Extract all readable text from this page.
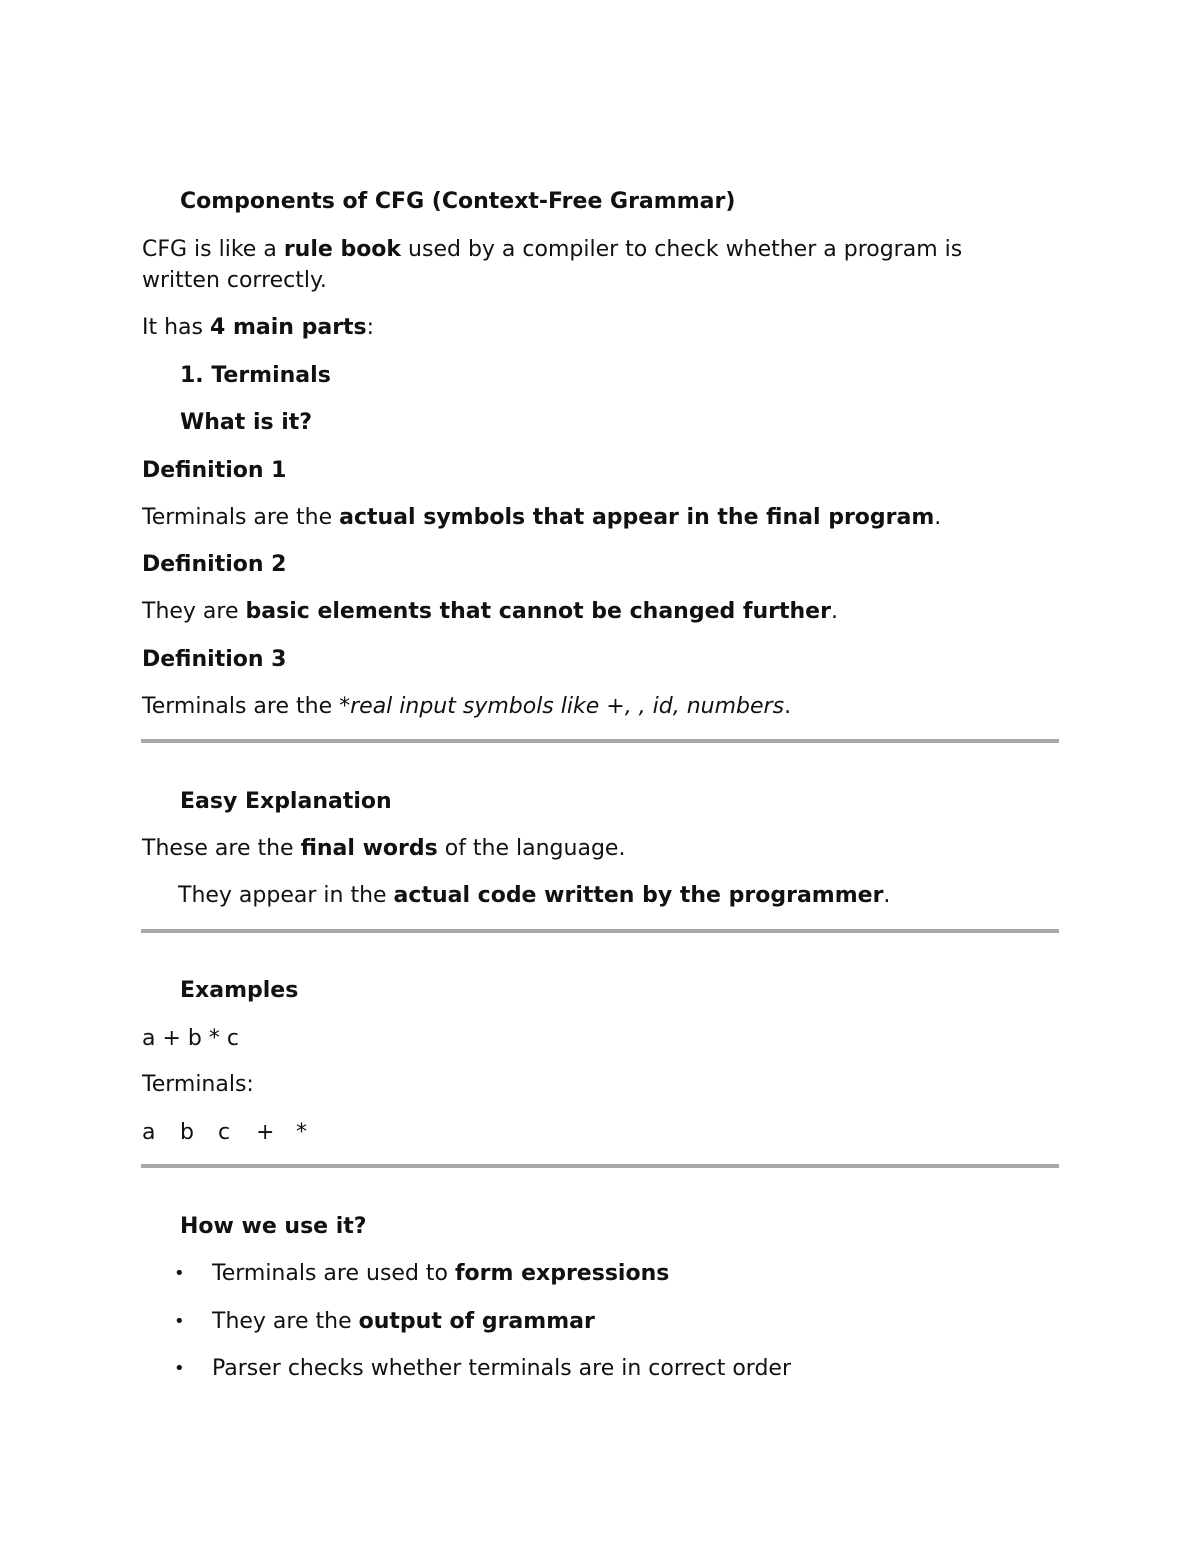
Components of CFG (Context-Free Grammar)
CFG is like a rule book used by a compiler to check whether a program is
written correctly.
It has 4 main parts:
1. Terminals
What is it?
Definition 1
Terminals are the actual symbols that appear in the final program.
Definition 2
They are basic elements that cannot be changed further.
Definition 3
Terminals are the *real input symbols like +, , id, numbers.
Easy Explanation
These are the final words of the language.
They appear in the actual code written by the programmer.
Examples
a + b * c
Terminals:
a b c + *
How we use it?
• Terminals are used to form expressions
• They are the output of grammar
• Parser checks whether terminals are in correct order
